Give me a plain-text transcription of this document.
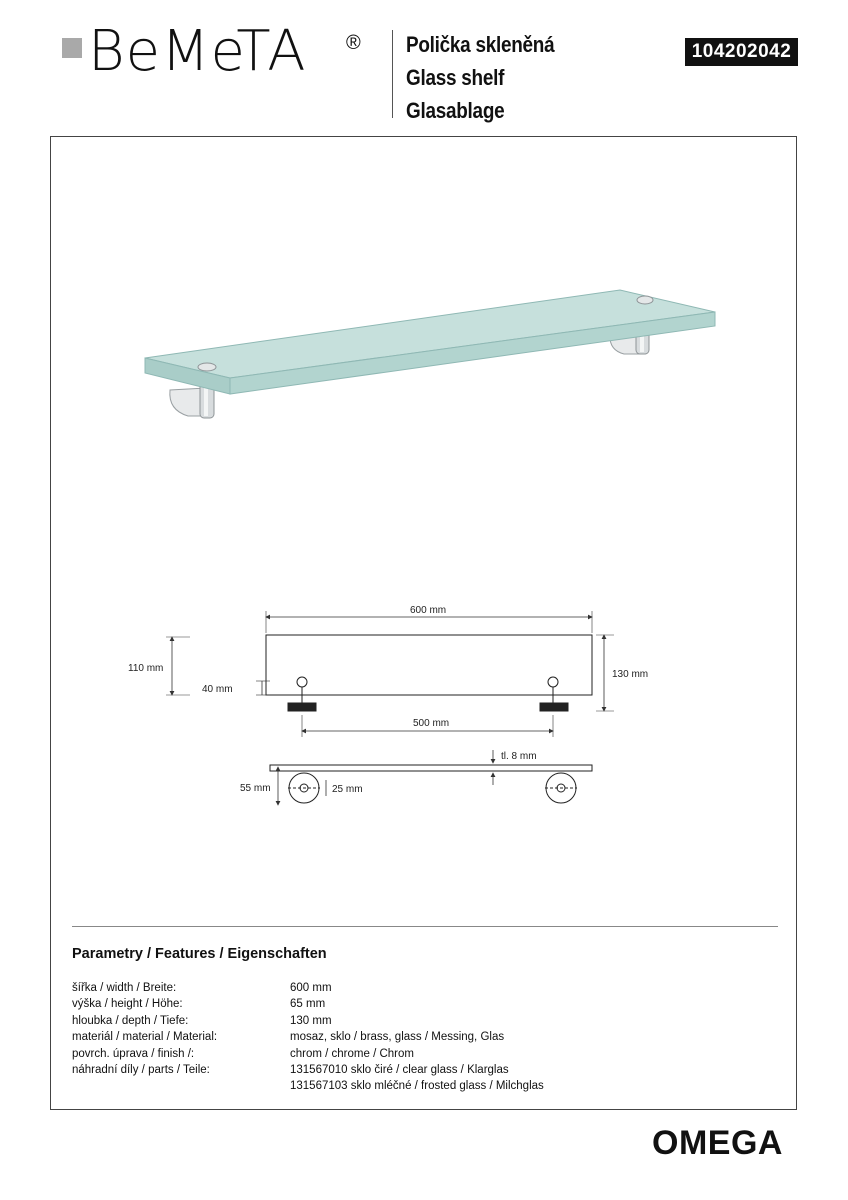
BeMeTA ® Polička skleněná
Glass shelf
Glasablage
104202042
600 mm
110 mm
40 mm
130 mm
500 mm
tl. 8 mm
55 mm	25 mm
Parametry / Features / Eigenschaften
šířka / width / Breite:	600 mm
výška / height / Höhe:	65 mm
hloubka / depth / Tiefe:	130 mm
materiál / material / Material:	mosaz, sklo / brass, glass / Messing, Glas
povrch. úprava / finish /:	chrom / chrome / Chrom
náhradní díly / parts / Teile:	131567010 sklo čiré / clear glass / Klarglas
131567103 sklo mléčné / frosted glass / Milchglas
OMEGA
